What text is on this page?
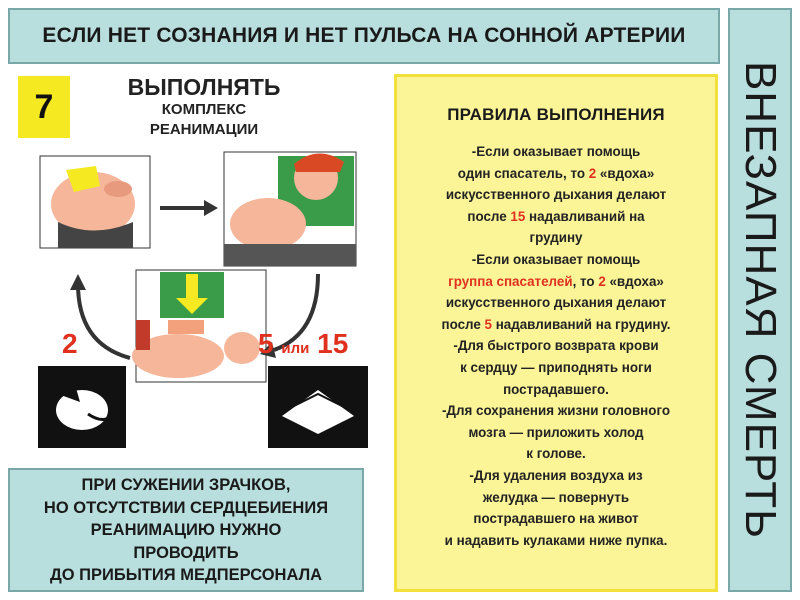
ЕСЛИ НЕТ СОЗНАНИЯ И НЕТ ПУЛЬСА НА СОННОЙ АРТЕРИИ
ВНЕЗАПНАЯ СМЕРТЬ
7
ВЫПОЛНЯТЬ
КОМПЛЕКС
РЕАНИМАЦИИ
2	5 или 15
ПРИ СУЖЕНИИ ЗРАЧКОВ,
НО ОТСУТСТВИИ СЕРДЦЕБИЕНИЯ
РЕАНИМАЦИЮ НУЖНО
ПРОВОДИТЬ
ДО ПРИБЫТИЯ МЕДПЕРСОНАЛА
ПРАВИЛА ВЫПОЛНЕНИЯ
-Если оказывает помощь
один спасатель, то 2 «вдоха»
искусственного дыхания делают
после 15 надавливаний на
грудину
-Если оказывает помощь
группа спасателей, то 2 «вдоха»
искусственного дыхания делают
после 5 надавливаний на грудину.
-Для быстрого возврата крови
к сердцу — приподнять ноги
пострадавшего.
-Для сохранения жизни головного
мозга — приложить холод
к голове.
-Для удаления воздуха из
желудка — повернуть
пострадавшего на живот
и надавить кулаками ниже пупка.
